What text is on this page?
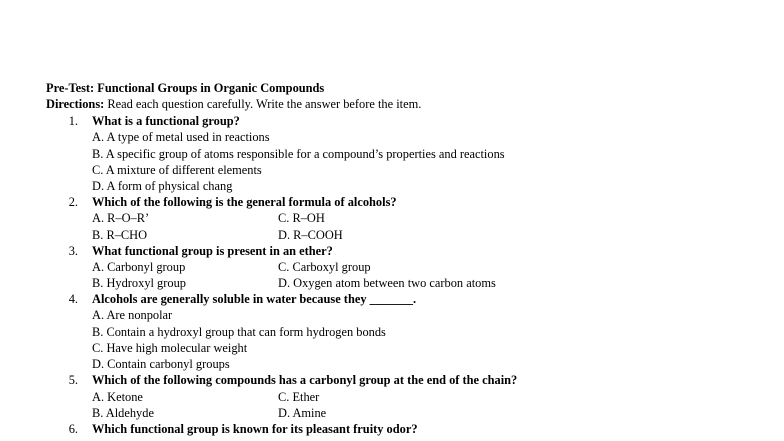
Pre-Test: Functional Groups in Organic Compounds
Directions: Read each question carefully. Write the answer before the item.
1. What is a functional group?
A. A type of metal used in reactions
B. A specific group of atoms responsible for a compound’s properties and reactions
C. A mixture of different elements
D. A form of physical chang
2. Which of the following is the general formula of alcohols?
A. R–O–R’	C. R–OH
B. R–CHO	D. R–COOH
3. What functional group is present in an ether?
A. Carbonyl group	C. Carboxyl group
B. Hydroxyl group	D. Oxygen atom between two carbon atoms
4. Alcohols are generally soluble in water because they _______.
A. Are nonpolar
B. Contain a hydroxyl group that can form hydrogen bonds
C. Have high molecular weight
D. Contain carbonyl groups
5. Which of the following compounds has a carbonyl group at the end of the chain?
A. Ketone	C. Ether
B. Aldehyde	D. Amine
6. Which functional group is known for its pleasant fruity odor?
